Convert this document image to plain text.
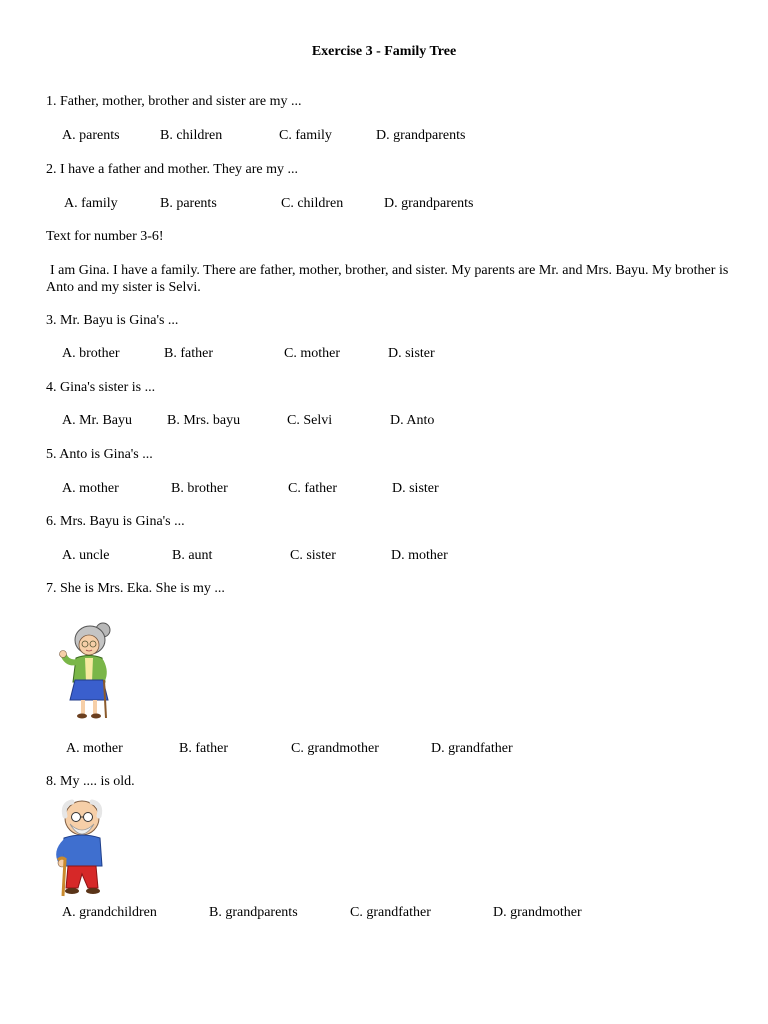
Exercise 3 - Family Tree
1. Father, mother, brother and sister are my ...
A. parents	B. children	C. family	D. grandparents
2. I have a father and mother. They are my ...
A. family	B. parents	C. children	D. grandparents
Text for number 3-6!
I am Gina. I have a family. There are father, mother, brother, and sister. My parents are Mr. and Mrs. Bayu. My brother is Anto and my sister is Selvi.
3. Mr. Bayu is Gina's ...
A. brother	B. father	C. mother	D. sister
4. Gina's sister is ...
A. Mr. Bayu	B. Mrs. bayu	C. Selvi	D. Anto
5. Anto is Gina's ...
A. mother	B. brother	C. father	D. sister
6. Mrs. Bayu is Gina's ...
A. uncle	B. aunt	C. sister	D. mother
7. She is Mrs. Eka. She is my ...
A. mother	B. father	C. grandmother	D. grandfather
8. My .... is old.
A. grandchildren	B. grandparents	C. grandfather	D. grandmother
